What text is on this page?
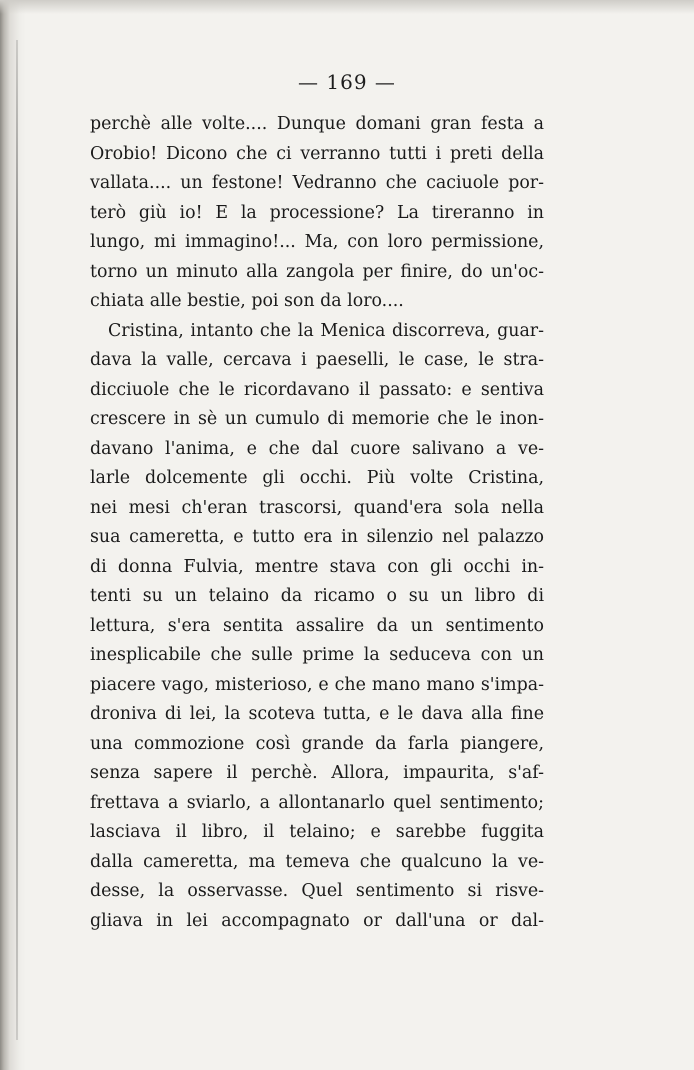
— 169 —
perchè alle volte.... Dunque domani gran festa a
Orobio! Dicono che ci verranno tutti i preti della
vallata.... un festone! Vedranno che caciuole por-
terò giù io! E la processione? La tireranno in
lungo, mi immagino!... Ma, con loro permissione,
torno un minuto alla zangola per finire, do un'oc-
chiata alle bestie, poi son da loro....
Cristina, intanto che la Menica discorreva, guar-
dava la valle, cercava i paeselli, le case, le stra-
dicciuole che le ricordavano il passato: e sentiva
crescere in sè un cumulo di memorie che le inon-
davano l'anima, e che dal cuore salivano a ve-
larle dolcemente gli occhi. Più volte Cristina,
nei mesi ch'eran trascorsi, quand'era sola nella
sua cameretta, e tutto era in silenzio nel palazzo
di donna Fulvia, mentre stava con gli occhi in-
tenti su un telaino da ricamo o su un libro di
lettura, s'era sentita assalire da un sentimento
inesplicabile che sulle prime la seduceva con un
piacere vago, misterioso, e che mano mano s'impa-
droniva di lei, la scoteva tutta, e le dava alla fine
una commozione così grande da farla piangere,
senza sapere il perchè. Allora, impaurita, s'af-
frettava a sviarlo, a allontanarlo quel sentimento;
lasciava il libro, il telaino; e sarebbe fuggita
dalla cameretta, ma temeva che qualcuno la ve-
desse, la osservasse. Quel sentimento si risve-
gliava in lei accompagnato or dall'una or dal-
